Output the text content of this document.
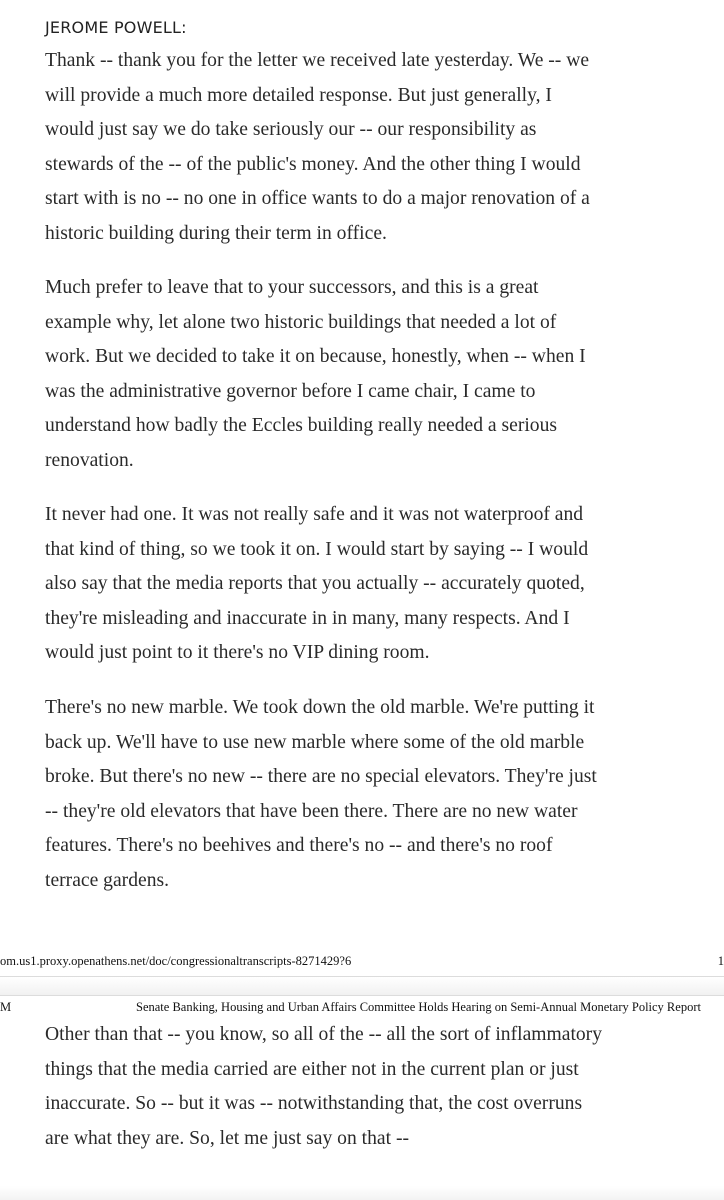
JEROME POWELL:

Thank -- thank you for the letter we received late yesterday. We -- we
will provide a much more detailed response. But just generally, I
would just say we do take seriously our -- our responsibility as
stewards of the -- of the public's money. And the other thing I would
start with is no -- no one in office wants to do a major renovation of a
historic building during their term in office.

Much prefer to leave that to your successors, and this is a great
example why, let alone two historic buildings that needed a lot of
work. But we decided to take it on because, honestly, when -- when I
was the administrative governor before I came chair, I came to
understand how badly the Eccles building really needed a serious
renovation.

It never had one. It was not really safe and it was not waterproof and
that kind of thing, so we took it on. I would start by saying -- I would
also say that the media reports that you actually -- accurately quoted,
they're misleading and inaccurate in in many, many respects. And I
would just point to it there's no VIP dining room.

There's no new marble. We took down the old marble. We're putting it
back up. We'll have to use new marble where some of the old marble
broke. But there's no new -- there are no special elevators. They're just
-- they're old elevators that have been there. There are no new water
features. There's no beehives and there's no -- and there's no roof
terrace gardens.

om.us1.proxy.openathens.net/doc/congressionaltranscripts-8271429?6	1
M	Senate Banking, Housing and Urban Affairs Committee Holds Hearing on Semi-Annual Monetary Policy Report

Other than that -- you know, so all of the -- all the sort of inflammatory
things that the media carried are either not in the current plan or just
inaccurate. So -- but it was -- notwithstanding that, the cost overruns
are what they are. So, let me just say on that --
